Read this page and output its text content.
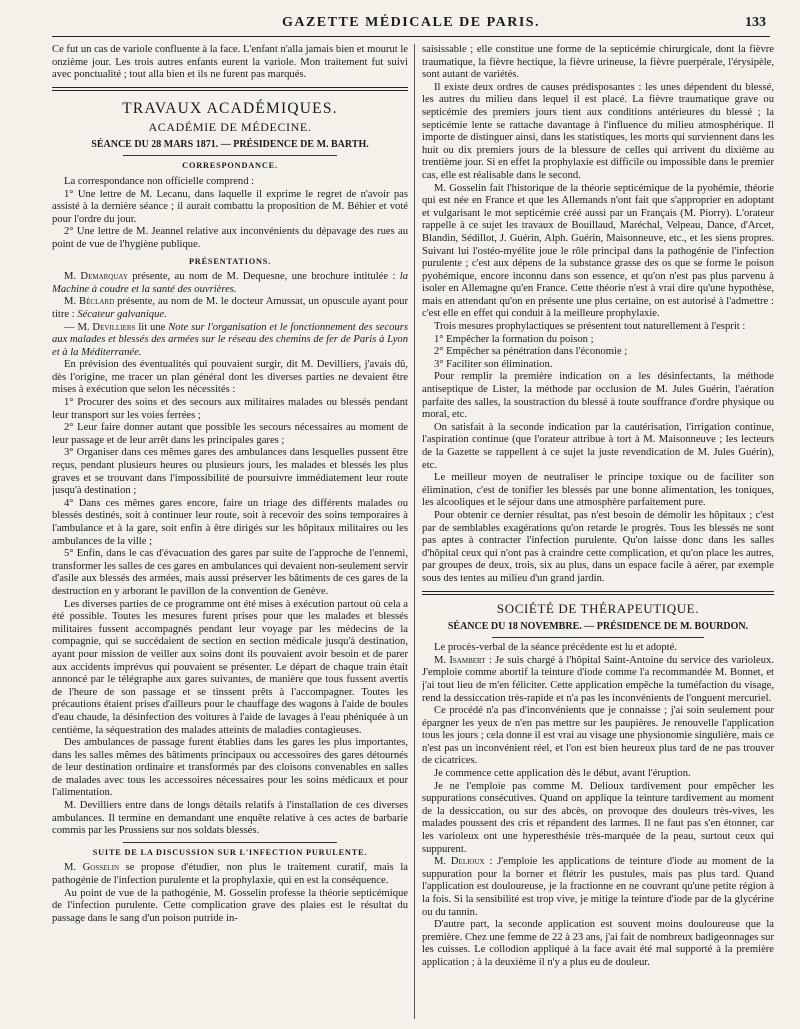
GAZETTE MÉDICALE DE PARIS.	133

Ce fut un cas de variole confluente à la face. L'enfant n'alla jamais bien et mourut le onzième jour. Les trois autres enfants eurent la variole. Mon traitement fut suivi avec ponctualité ; tout alla bien et ils ne furent pas marqués.

TRAVAUX ACADÉMIQUES.
ACADÉMIE DE MÉDECINE.
SÉANCE DU 28 MARS 1871. — PRÉSIDENCE DE M. BARTH.
CORRESPONDANCE.

La correspondance non officielle comprend :

1° Une lettre de M. Lecanu, dans laquelle il exprime le regret de n'avoir pas assisté à la dernière séance ; il aurait combattu la proposition de M. Béhier et voté pour l'ordre du jour.

2° Une lettre de M. Jeannel relative aux inconvénients du dépavage des rues au point de vue de l'hygiène publique.

PRÉSENTATIONS.

M. Demarquay présente, au nom de M. Dequesne, une brochure intitulée : la Machine à coudre et la santé des ouvrières.

M. Béclard présente, au nom de M. le docteur Amussat, un opuscule ayant pour titre : Sécateur galvanique.

— M. Devilliers lit une Note sur l'organisation et le fonctionnement des secours aux malades et blessés des armées sur le réseau des chemins de fer de Paris à Lyon et à la Méditerranée.

En prévision des éventualités qui pouvaient surgir, dit M. Devilliers, j'avais dû, dès l'origine, me tracer un plan général dont les diverses parties ne devaient être mises à exécution que selon les nécessités :

1° Procurer des soins et des secours aux militaires malades ou blessés pendant leur transport sur les voies ferrées ;

2° Leur faire donner autant que possible les secours nécessaires au moment de leur passage et de leur arrêt dans les principales gares ;

3° Organiser dans ces mêmes gares des ambulances dans lesquelles pussent être reçus, pendant plusieurs heures ou plusieurs jours, les malades et blessés les plus graves et se trouvant dans l'impossibilité de poursuivre immédiatement leur route jusqu'à destination ;

4° Dans ces mêmes gares encore, faire un triage des différents malades ou blessés destinés, soit à continuer leur route, soit à recevoir des soins temporaires à l'ambulance et à la gare, soit enfin à être dirigés sur les hôpitaux militaires ou les ambulances de la ville ;

5° Enfin, dans le cas d'évacuation des gares par suite de l'approche de l'ennemi, transformer les salles de ces gares en ambulances qui devaient non-seulement servir d'asile aux blessés des armées, mais aussi préserver les bâtiments de ces gares de la destruction en y arborant le pavillon de la convention de Genève.

Les diverses parties de ce programme ont été mises à exécution partout où cela a été possible. Toutes les mesures furent prises pour que les malades et blessés militaires fussent accompagnés pendant leur voyage par les médecins de la compagnie, qui se succédaient de section en section médicale jusqu'à destination, ayant pour mission de veiller aux soins dont ils pouvaient avoir besoin et de parer aux accidents imprévus qui pouvaient se présenter. Le départ de chaque train était annoncé par le télégraphe aux gares suivantes, de manière que tous fussent avertis de l'heure de son passage et se tinssent prêts à l'accompagner. Toutes les précautions étaient prises d'ailleurs pour le chauffage des wagons à l'aide de boules d'eau chaude, la désinfection des voitures à l'aide de lavages à l'eau phéniquée à un centième, la séquestration des malades atteints de maladies contagieuses.

Des ambulances de passage furent établies dans les gares les plus importantes, dans les salles mêmes des bâtiments principaux ou accessoires des gares détournés de leur destination ordinaire et transformés par des cloisons convenables en salles de malades avec tous les accessoires nécessaires pour les soins médicaux et pour l'alimentation.

M. Devilliers entre dans de longs détails relatifs à l'installation de ces diverses ambulances. Il termine en demandant une enquête relative à ces actes de barbarie commis par les Prussiens sur nos soldats blessés.

SUITE DE LA DISCUSSION SUR L'INFECTION PURULENTE.

M. Gosselin se propose d'étudier, non plus le traitement curatif, mais la pathogénie de l'infection purulente et la prophylaxie, qui en est la conséquence.

Au point de vue de la pathogénie, M. Gosselin professe la théorie septicémique de l'infection purulente. Cette complication grave des plaies est le résultat du passage dans le sang d'un poison putride in-

saisissable ; elle constitue une forme de la septicémie chirurgicale, dont la fièvre traumatique, la fièvre hectique, la fièvre urineuse, la fièvre puerpérale, l'érysipèle, sont autant de variétés.

Il existe deux ordres de causes prédisposantes : les unes dépendent du blessé, les autres du milieu dans lequel il est placé. La fièvre traumatique grave ou septicémie des premiers jours tient aux conditions antérieures du blessé ; la septicémie lente se rattache davantage à l'influence du milieu atmosphérique. Il importe de distinguer ainsi, dans les statistiques, les morts qui surviennent dans les huit ou dix premiers jours de la blessure de celles qui arrivent du dixième au trentième jour. Si en effet la prophylaxie est difficile ou impossible dans le premier cas, elle est réalisable dans le second.

M. Gosselin fait l'historique de la théorie septicémique de la pyohémie, théorie qui est née en France et que les Allemands n'ont fait que s'approprier en adoptant et vulgarisant le mot septicémie créé aussi par un Français (M. Piorry). L'orateur rappelle à ce sujet les travaux de Bouillaud, Maréchal, Velpeau, Dance, d'Arcet, Blandin, Sédillot, J. Guérin, Alph. Guérin, Maisonneuve, etc., et les siens propres. Suivant lui l'ostéo-myélite joue le rôle principal dans la pathogénie de l'infection purulente ; c'est aux dépens de la substance grasse des os que se forme le poison pyohémique, encore inconnu dans son essence, et qu'on n'est pas plus parvenu à isoler en Allemagne qu'en France. Cette théorie n'est à vrai dire qu'une hypothèse, mais en attendant qu'on en présente une plus certaine, on est autorisé à l'admettre : c'est elle en effet qui conduit à la meilleure prophylaxie.

Trois mesures prophylactiques se présentent tout naturellement à l'esprit :

1° Empêcher la formation du poison ;

2° Empêcher sa pénétration dans l'économie ;

3° Faciliter son élimination.

Pour remplir la première indication on a les désinfectants, la méthode antiseptique de Lister, la méthode par occlusion de M. Jules Guérin, l'aération parfaite des salles, la soustraction du blessé à toute souffrance d'ordre physique ou moral, etc.

On satisfait à la seconde indication par la cautérisation, l'irrigation continue, l'aspiration continue (que l'orateur attribue à tort à M. Maisonneuve ; les lecteurs de la Gazette se rappellent à ce sujet la juste revendication de M. Jules Guérin), etc.

Le meilleur moyen de neutraliser le principe toxique ou de faciliter son élimination, c'est de tonifier les blessés par une bonne alimentation, les toniques, les alcooliques et le séjour dans une atmosphère parfaitement pure.

Pour obtenir ce dernier résultat, pas n'est besoin de démolir les hôpitaux ; c'est par de semblables exagérations qu'on retarde le progrès. Tous les blessés ne sont pas aptes à contracter l'infection purulente. Qu'on laisse donc dans les salles d'hôpital ceux qui n'ont pas à craindre cette complication, et qu'on place les autres, par groupes de deux, trois, six au plus, dans un espace facile à aérer, par exemple sous des tentes au milieu d'un grand jardin.

SOCIÉTÉ DE THÉRAPEUTIQUE.
SÉANCE DU 18 NOVEMBRE. — PRÉSIDENCE DE M. BOURDON.

Le procès-verbal de la séance précédente est lu et adopté.

M. Isambert : Je suis chargé à l'hôpital Saint-Antoine du service des varioleux. J'emploie comme abortif la teinture d'iode comme l'a recommandée M. Bonnet, et j'ai tout lieu de m'en féliciter. Cette application empêche la tuméfaction du visage, rend la dessiccation très-rapide et n'a pas les inconvénients de l'onguent mercuriel.

Ce procédé n'a pas d'inconvénients que je connaisse ; j'ai soin seulement pour épargner les yeux de n'en pas mettre sur les paupières. Je renouvelle l'application tous les jours ; cela donne il est vrai au visage une physionomie singulière, mais ce n'est pas un inconvénient réel, et l'on est bien heureux plus tard de ne pas trouver de cicatrices.

Je commence cette application dès le début, avant l'éruption.

Je ne l'emploie pas comme M. Delioux tardivement pour empêcher les suppurations consécutives. Quand on applique la teinture tardivement au moment de la dessiccation, ou sur des abcès, on provoque des douleurs très-vives, les malades poussent des cris et répandent des larmes. Il ne faut pas s'en étonner, car les varioleux ont une hyperesthésie très-marquée de la peau, surtout ceux qui suppurent.

M. Delioux : J'emploie les applications de teinture d'iode au moment de la suppuration pour la borner et flétrir les pustules, mais pas plus tard. Quand l'application est douloureuse, je la fractionne en ne couvrant qu'une petite région à la fois. Si la sensibilité est trop vive, je mitige la teinture d'iode par de la glycérine ou du tannin.

D'autre part, la seconde application est souvent moins douloureuse que la première. Chez une femme de 22 à 23 ans, j'ai fait de nombreux badigeonnages sur les cuisses. Le collodion appliqué à la face avait été mal supporté à la première application ; à la deuxième il n'y a plus eu de douleur.
